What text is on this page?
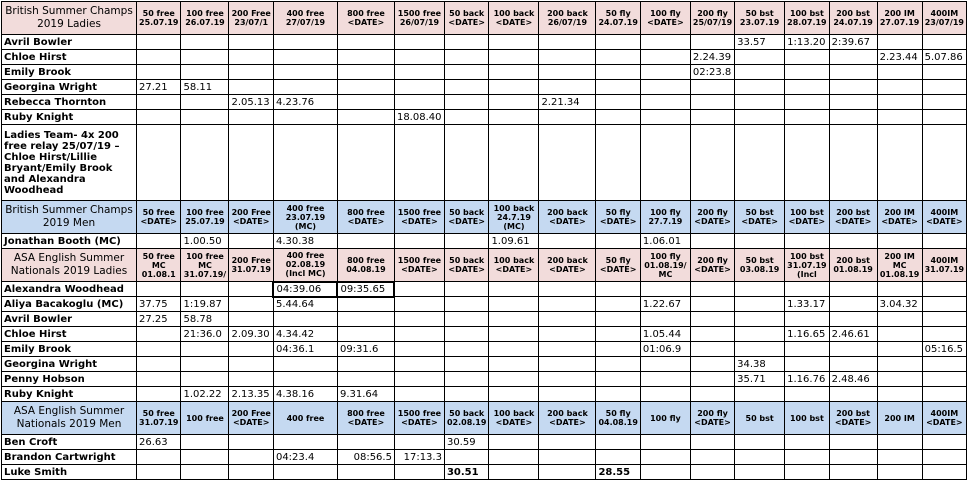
British Summer Champs 2019 Ladies	50 free 25.07.19	100 free 26.07.19	200 Free 23/07/1	400 free 27/07/19	800 free <DATE>	1500 free 26/07/19	50 back <DATE>	100 back <DATE>	200 back 26/07/19	50 fly 24.07.19	100 fly <DATE>	200 fly 25/07/19	50 bst 23.07.19	100 bst 28.07.19	200 bst 24.07.19	200 IM 27.07.19	400IM 23/07/19
Avril Bowler													33.57	1:13.20	2:39.67		
Chloe Hirst												2.24.39				2.23.44	5.07.86
Emily Brook												02:23.8					
Georgina Wright	27.21	58.11															
Rebecca Thornton			2.05.13	4.23.76					2.21.34								
Ruby Knight						18.08.40											
Ladies Team- 4x 200 free relay 25/07/19 – Chloe Hirst/Lillie Bryant/Emily Brook and Alexandra Woodhead																	
British Summer Champs 2019 Men	50 free <DATE>	100 free 25.07.19	200 Free <DATE>	400 free 23.07.19 (MC)	800 free <DATE>	1500 free <DATE>	50 back <DATE>	100 back 24.7.19 (MC)	200 back <DATE>	50 fly <DATE>	100 fly 27.7.19	200 fly <DATE>	50 bst <DATE>	100 bst <DATE>	200 bst <DATE>	200 IM <DATE>	400IM <DATE>
Jonathan Booth (MC)		1.00.50		4.30.38				1.09.61			1.06.01						
ASA English Summer Nationals 2019 Ladies	50 free MC 01.08.1	100 free MC 31.07.19/	200 Free 31.07.19	400 free 02.08.19 (Incl MC)	800 free 04.08.19	1500 free <DATE>	50 back <DATE>	100 back <DATE>	200 back <DATE>	50 fly <DATE>	100 fly 01.08.19/ MC	200 fly <DATE>	50 bst 03.08.19	100 bst 31.07.19 (Incl	200 bst 01.08.19	200 IM MC 01.08.19	400IM 31.07.19
Alexandra Woodhead				04:39.06	09:35.65												
Aliya Bacakoglu (MC)	37.75	1:19.87		5.44.64							1.22.67			1.33.17		3.04.32	
Avril Bowler	27.25	58.78															
Chloe Hirst		21:36.0	2.09.30	4.34.42							1.05.44			1.16.65	2.46.61		
Emily Brook				04:36.1	09:31.6						01:06.9						05:16.5
Georgina Wright													34.38				
Penny Hobson													35.71	1.16.76	2.48.46		
Ruby Knight		1.02.22	2.13.35	4.38.16	9.31.64												
ASA English Summer Nationals 2019 Men	50 free 31.07.19	100 free	200 Free <DATE>	400 free	800 free <DATE>	1500 free <DATE>	50 back 02.08.19	100 back <DATE>	200 back <DATE>	50 fly 04.08.19	100 fly	200 fly <DATE>	50 bst	100 bst	200 bst <DATE>	200 IM	400IM <DATE>
Ben Croft	26.63						30.59										
Brandon Cartwright				04:23.4	08:56.5	17:13.3											
Luke Smith							30.51			28.55							
